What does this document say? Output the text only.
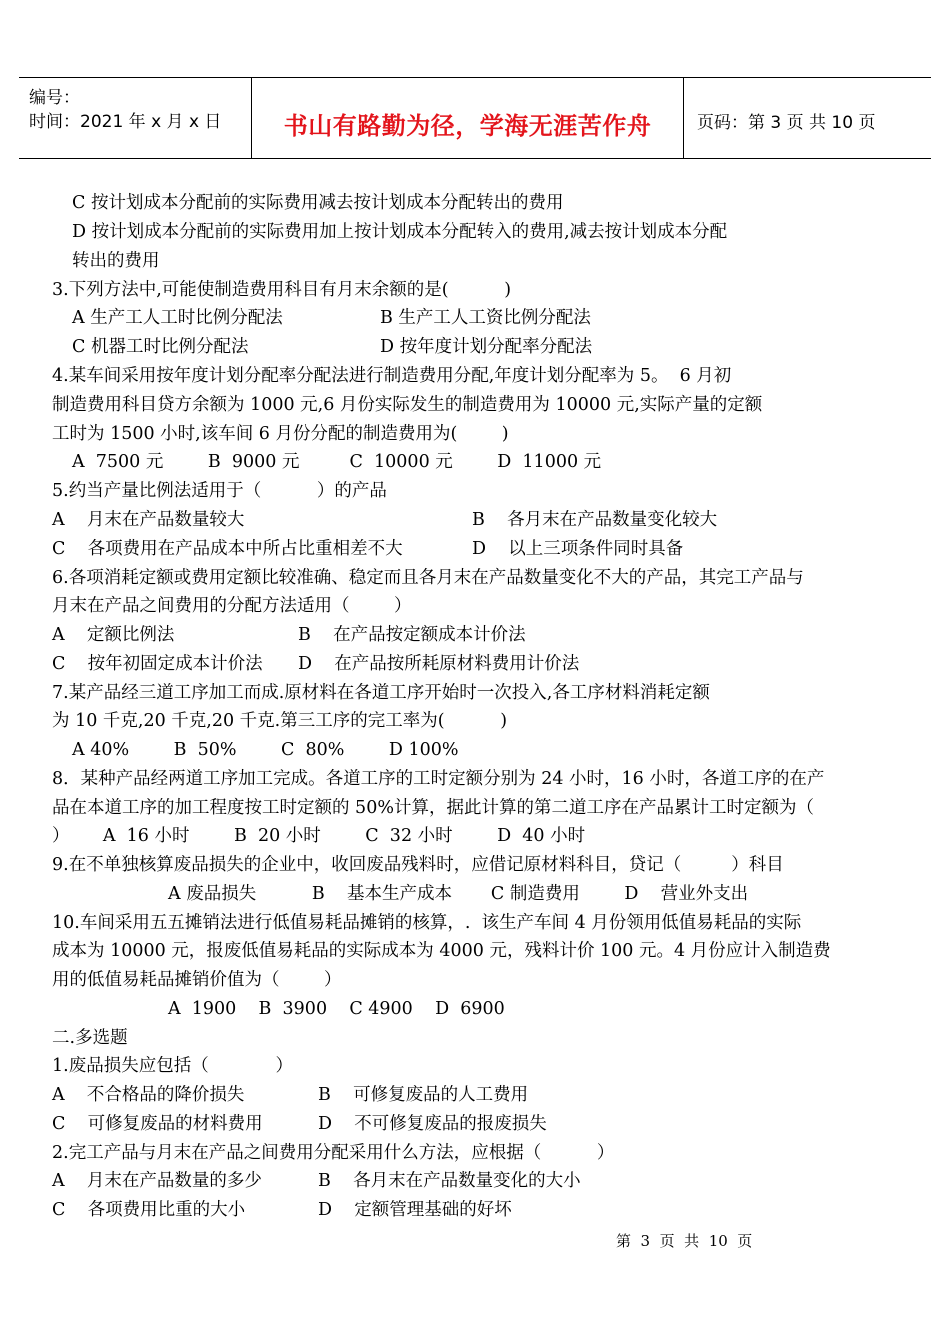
编号：
时间：2021 年 x 月 x 日	书山有路勤为径，学海无涯苦作舟	页码：第 3 页 共 10 页
C 按计划成本分配前的实际费用减去按计划成本分配转出的费用
D 按计划成本分配前的实际费用加上按计划成本分配转入的费用,减去按计划成本分配
转出的费用
3.下列方法中,可能使制造费用科目有月末余额的是(          )
A 生产工人工时比例分配法	B 生产工人工资比例分配法
C 机器工时比例分配法	D 按年度计划分配率分配法
4.某车间采用按年度计划分配率分配法进行制造费用分配,年度计划分配率为 5。  6 月初
制造费用科目贷方余额为 1000 元,6 月份实际发生的制造费用为 10000 元,实际产量的定额
工时为 1500 小时,该车间 6 月份分配的制造费用为(        )
A  7500 元        B  9000 元         C  10000 元        D  11000 元
5.约当产量比例法适用于（          ）的产品
A    月末在产品数量较大	B    各月末在产品数量变化较大
C    各项费用在产品成本中所占比重相差不大	D    以上三项条件同时具备
6.各项消耗定额或费用定额比较准确、稳定而且各月末在产品数量变化不大的产品，其完工产品与
月末在产品之间费用的分配方法适用（        ）
A    定额比例法	B    在产品按定额成本计价法
C    按年初固定成本计价法 D    在产品按所耗原材料费用计价法
7.某产品经三道工序加工而成.原材料在各道工序开始时一次投入,各工序材料消耗定额
为 10 千克,20 千克,20 千克.第三工序的完工率为(          )
A 40%        B  50%        C  80%        D 100%
8．某种产品经两道工序加工完成。各道工序的工时定额分别为 24 小时，16 小时，各道工序的在产
品在本道工序的加工程度按工时定额的 50%计算，据此计算的第二道工序在产品累计工时定额为（
）      A  16 小时        B  20 小时        C  32 小时        D  40 小时
9.在不单独核算废品损失的企业中，收回废品残料时，应借记原材料科目，贷记（         ）科目
A 废品损失          B    基本生产成本       C 制造费用        D    营业外支出
10.车间采用五五摊销法进行低值易耗品摊销的核算，.  该生产车间 4 月份领用低值易耗品的实际
成本为 10000 元，报废低值易耗品的实际成本为 4000 元，残料计价 100 元。4 月份应计入制造费
用的低值易耗品摊销价值为（        ）
A  1900    B  3900    C 4900    D  6900
二.多选题
1.废品损失应包括（            ）
A    不合格品的降价损失	B    可修复废品的人工费用
C    可修复废品的材料费用	D    不可修复废品的报废损失
2.完工产品与月末在产品之间费用分配采用什么方法，应根据（          ）
A    月末在产品数量的多少	B    各月末在产品数量变化的大小
C    各项费用比重的大小	D    定额管理基础的好坏
第  3  页  共  10  页
